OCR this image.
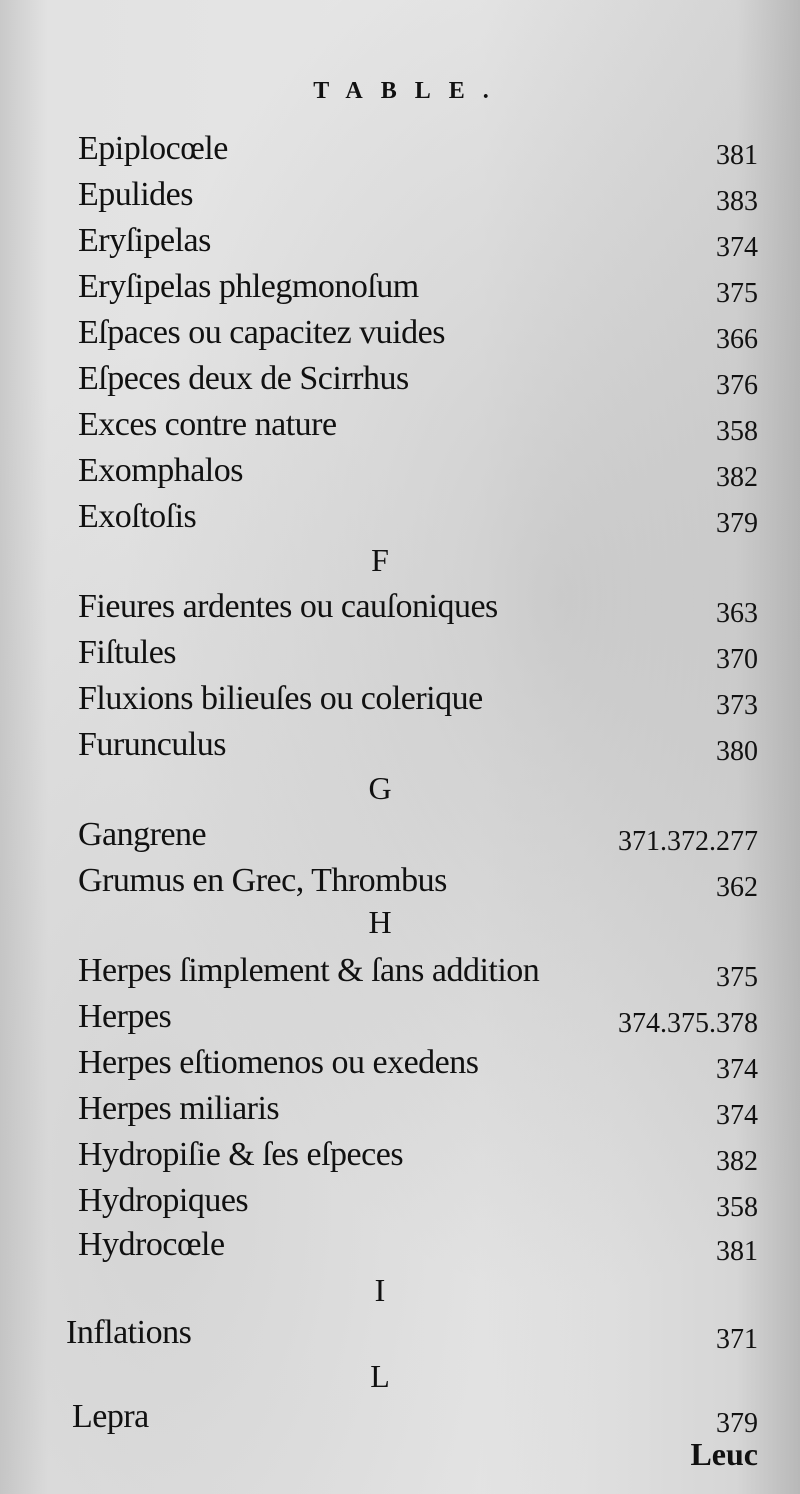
TABLE.
Epiplocœle	381
Epulides	383
Eryſipelas	374
Eryſipelas phlegmonoſum	375
Eſpaces ou capacitez vuides	366
Eſpeces deux de Scirrhus	376
Exces contre nature	358
Exomphalos	382
Exoſtoſis	379
F
Fieures ardentes ou cauſoniques	363
Fiſtules	370
Fluxions bilieuſes ou colerique	373
Furunculus	380
G
Gangrene	371.372.277
Grumus en Grec, Thrombus	362
H
Herpes ſimplement & ſans addition	375
Herpes	374.375.378
Herpes eſtiomenos ou exedens	374
Herpes miliaris	374
Hydropiſie & ſes eſpeces	382
Hydropiques	358
Hydrocœle	381
I
Inflations	371
L
Lepra	379
Leuc
